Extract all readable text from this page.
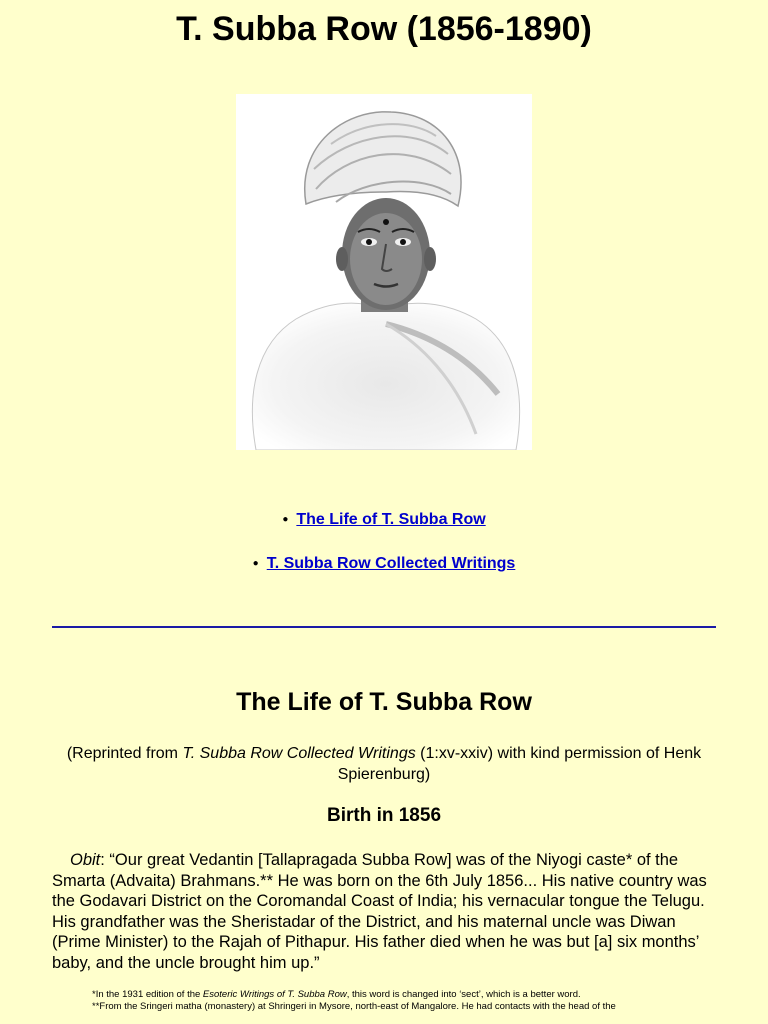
T. Subba Row (1856-1890)
● The Life of T. Subba Row
● T. Subba Row Collected Writings
The Life of T. Subba Row

(Reprinted from T. Subba Row Collected Writings (1:xv-xxiv) with kind permission of Henk Spierenburg)

Birth in 1856

Obit: “Our great Vedantin [Tallapragada Subba Row] was of the Niyogi caste* of the Smarta (Advaita) Brahmans.** He was born on the 6th July 1856... His native country was the Godavari District on the Coromandal Coast of India; his vernacular tongue the Telugu. His grandfather was the Sheristadar of the District, and his maternal uncle was Diwan (Prime Minister) to the Rajah of Pithapur. His father died when he was but [a] six months’ baby, and the uncle brought him up.”

*In the 1931 edition of the Esoteric Writings of T. Subba Row, this word is changed into ‘sect’, which is a better word.

**From the Sringeri matha (monastery) at Shringeri in Mysore, north-east of Mangalore. He had contacts with the head of the
